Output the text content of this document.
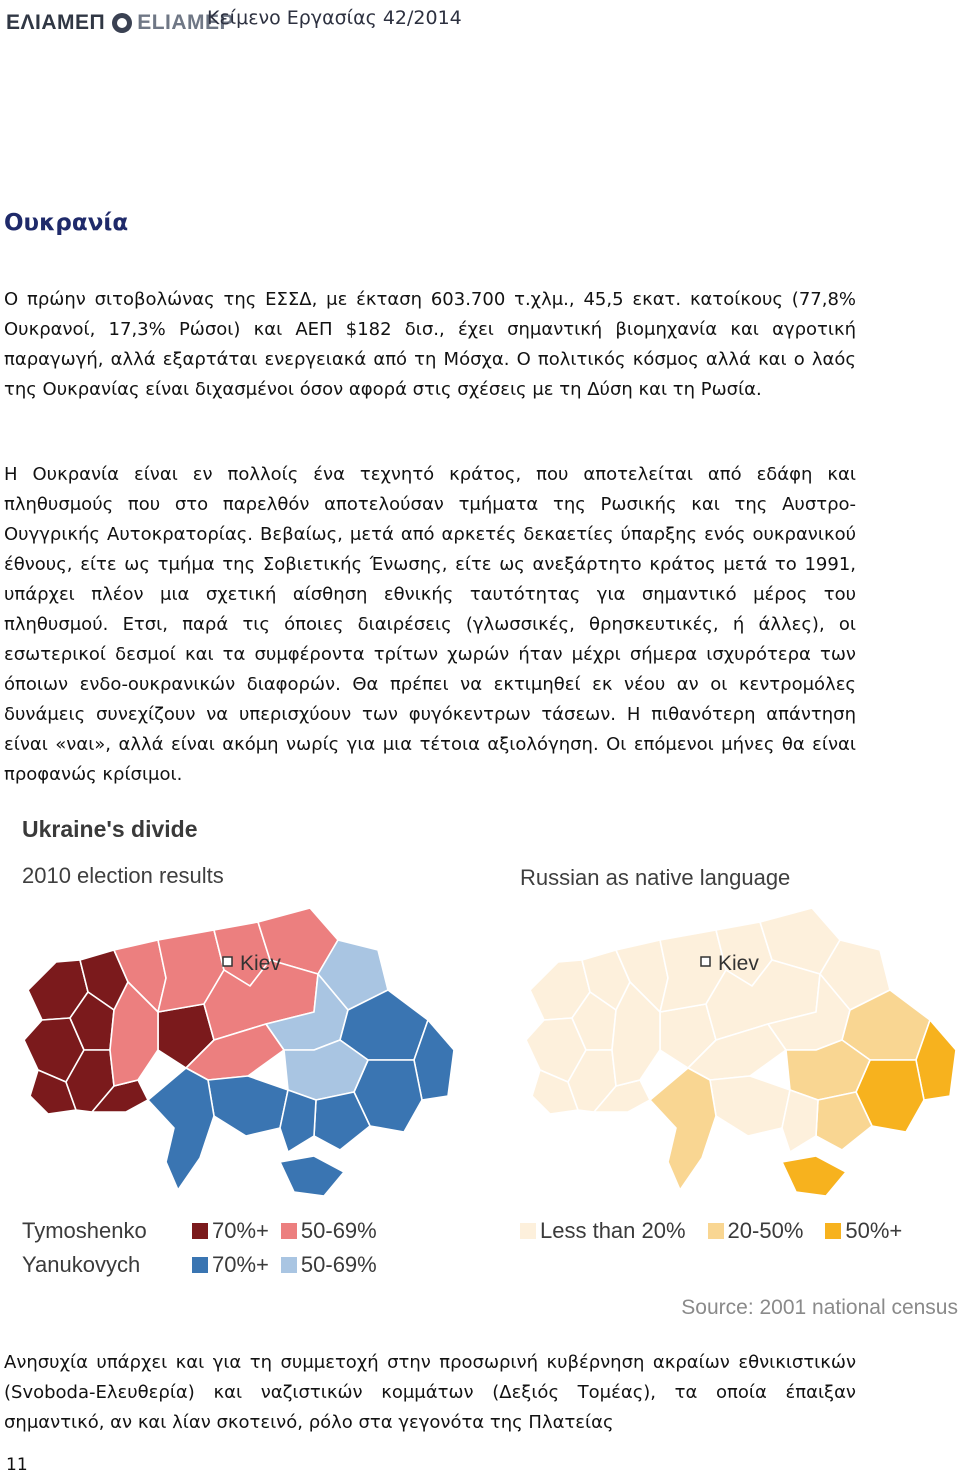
ΕΛΙΑΜΕΠ ELIAMEP
Κείμενο Εργασίας 42/2014
Ουκρανία

Ο πρώην σιτοβολώνας της ΕΣΣΔ, με έκταση 603.700 τ.χλμ., 45,5 εκατ. κατοίκους (77,8% Ουκρανοί, 17,3% Ρώσοι) και ΑΕΠ $182 δισ., έχει σημαντική βιομηχανία και αγροτική παραγωγή, αλλά εξαρτάται ενεργειακά από τη Μόσχα. Ο πολιτικός κόσμος αλλά και ο λαός της Ουκρανίας είναι διχασμένοι όσον αφορά στις σχέσεις με τη Δύση και τη Ρωσία.

Η Ουκρανία είναι εν πολλοίς ένα τεχνητό κράτος, που αποτελείται από εδάφη και πληθυσμούς που στο παρελθόν αποτελούσαν τμήματα της Ρωσικής και της Αυστρο-Ουγγρικής Αυτοκρατορίας. Βεβαίως, μετά από αρκετές δεκαετίες ύπαρξης ενός ουκρανικού έθνους, είτε ως τμήμα της Σοβιετικής Ένωσης, είτε ως ανεξάρτητο κράτος μετά το 1991, υπάρχει πλέον μια σχετική αίσθηση εθνικής ταυτότητας για σημαντικό μέρος του πληθυσμού. Ετσι, παρά τις όποιες διαιρέσεις (γλωσσικές, θρησκευτικές, ή άλλες), οι εσωτερικοί δεσμοί και τα συμφέροντα τρίτων χωρών ήταν μέχρι σήμερα ισχυρότερα των όποιων ενδο-ουκρανικών διαφορών. Θα πρέπει να εκτιμηθεί εκ νέου αν οι κεντρομόλες δυνάμεις συνεχίζουν να υπερισχύουν των φυγόκεντρων τάσεων. Η πιθανότερη απάντηση είναι «ναι», αλλά είναι ακόμη νωρίς για μια τέτοια αξιολόγηση. Οι επόμενοι μήνες θα είναι προφανώς κρίσιμοι.

Ukraine's divide
2010 election results	Russian as native language
Kiev	Kiev
Tymoshenko	70%+ 50-69%
Yanukovych	70%+ 50-69%
Less than 20% 20-50% 50%+
Source: 2001 national census

Ανησυχία υπάρχει και για τη συμμετοχή στην προσωρινή κυβέρνηση ακραίων εθνικιστικών (Svoboda-Ελευθερία) και ναζιστικών κομμάτων (Δεξιός Τομέας), τα οποία έπαιξαν σημαντικό, αν και λίαν σκοτεινό, ρόλο στα γεγονότα της Πλατείας

11
